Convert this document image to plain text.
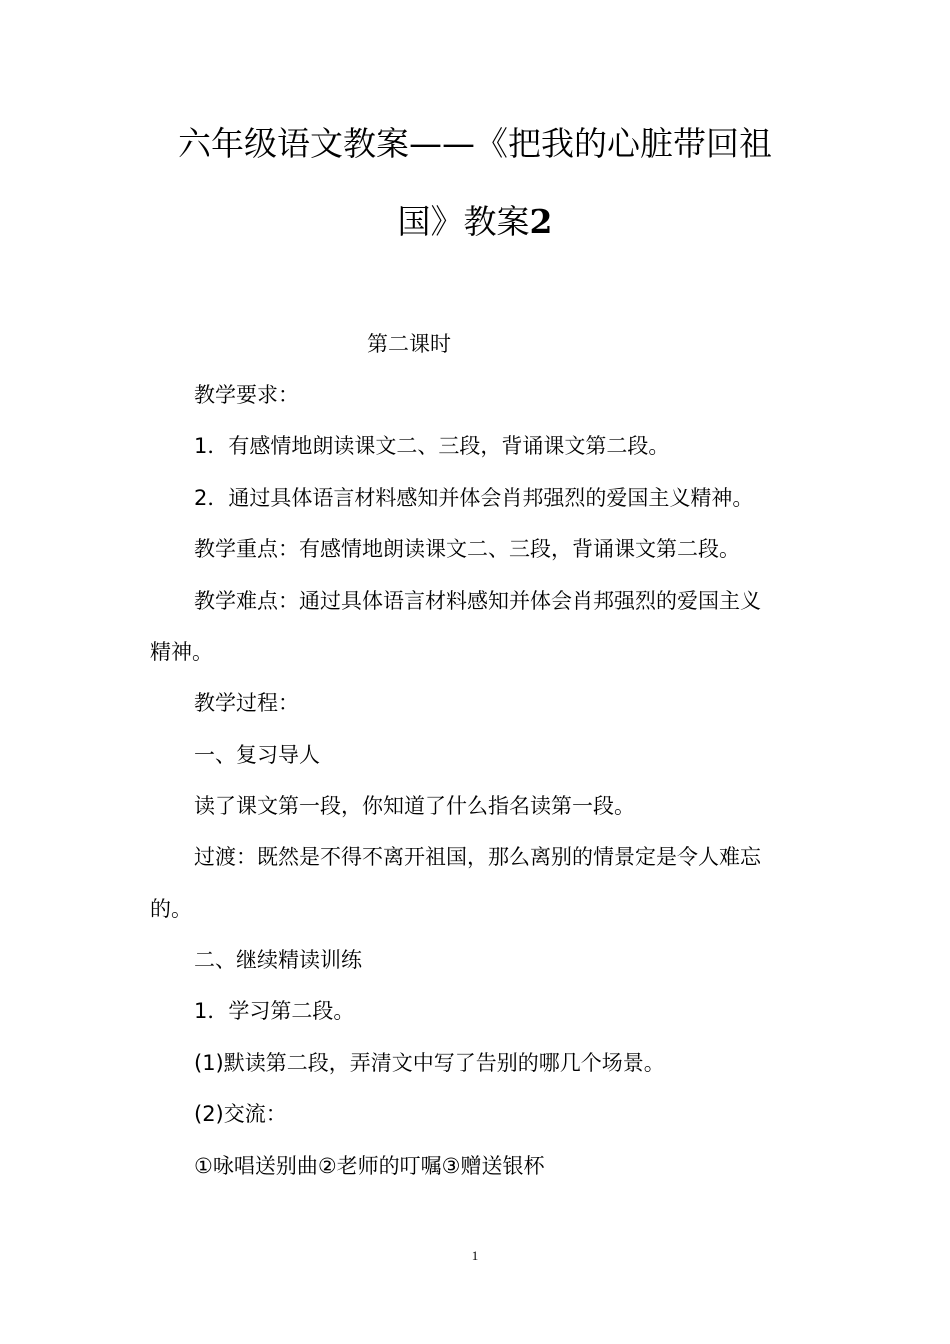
六年级语文教案——《把我的心脏带回祖
国》教案2

第二课时

教学要求：

1．有感情地朗读课文二、三段，背诵课文第二段。

2．通过具体语言材料感知并体会肖邦强烈的爱国主义精神。

教学重点：有感情地朗读课文二、三段，背诵课文第二段。

教学难点：通过具体语言材料感知并体会肖邦强烈的爱国主义

精神。

教学过程：

一、复习导人

读了课文第一段，你知道了什么指名读第一段。

过渡：既然是不得不离开祖国，那么离别的情景定是令人难忘

的。

二、继续精读训练

1．学习第二段。

(1)默读第二段，弄清文中写了告别的哪几个场景。

(2)交流：

①咏唱送别曲②老师的叮嘱③赠送银杯

1
